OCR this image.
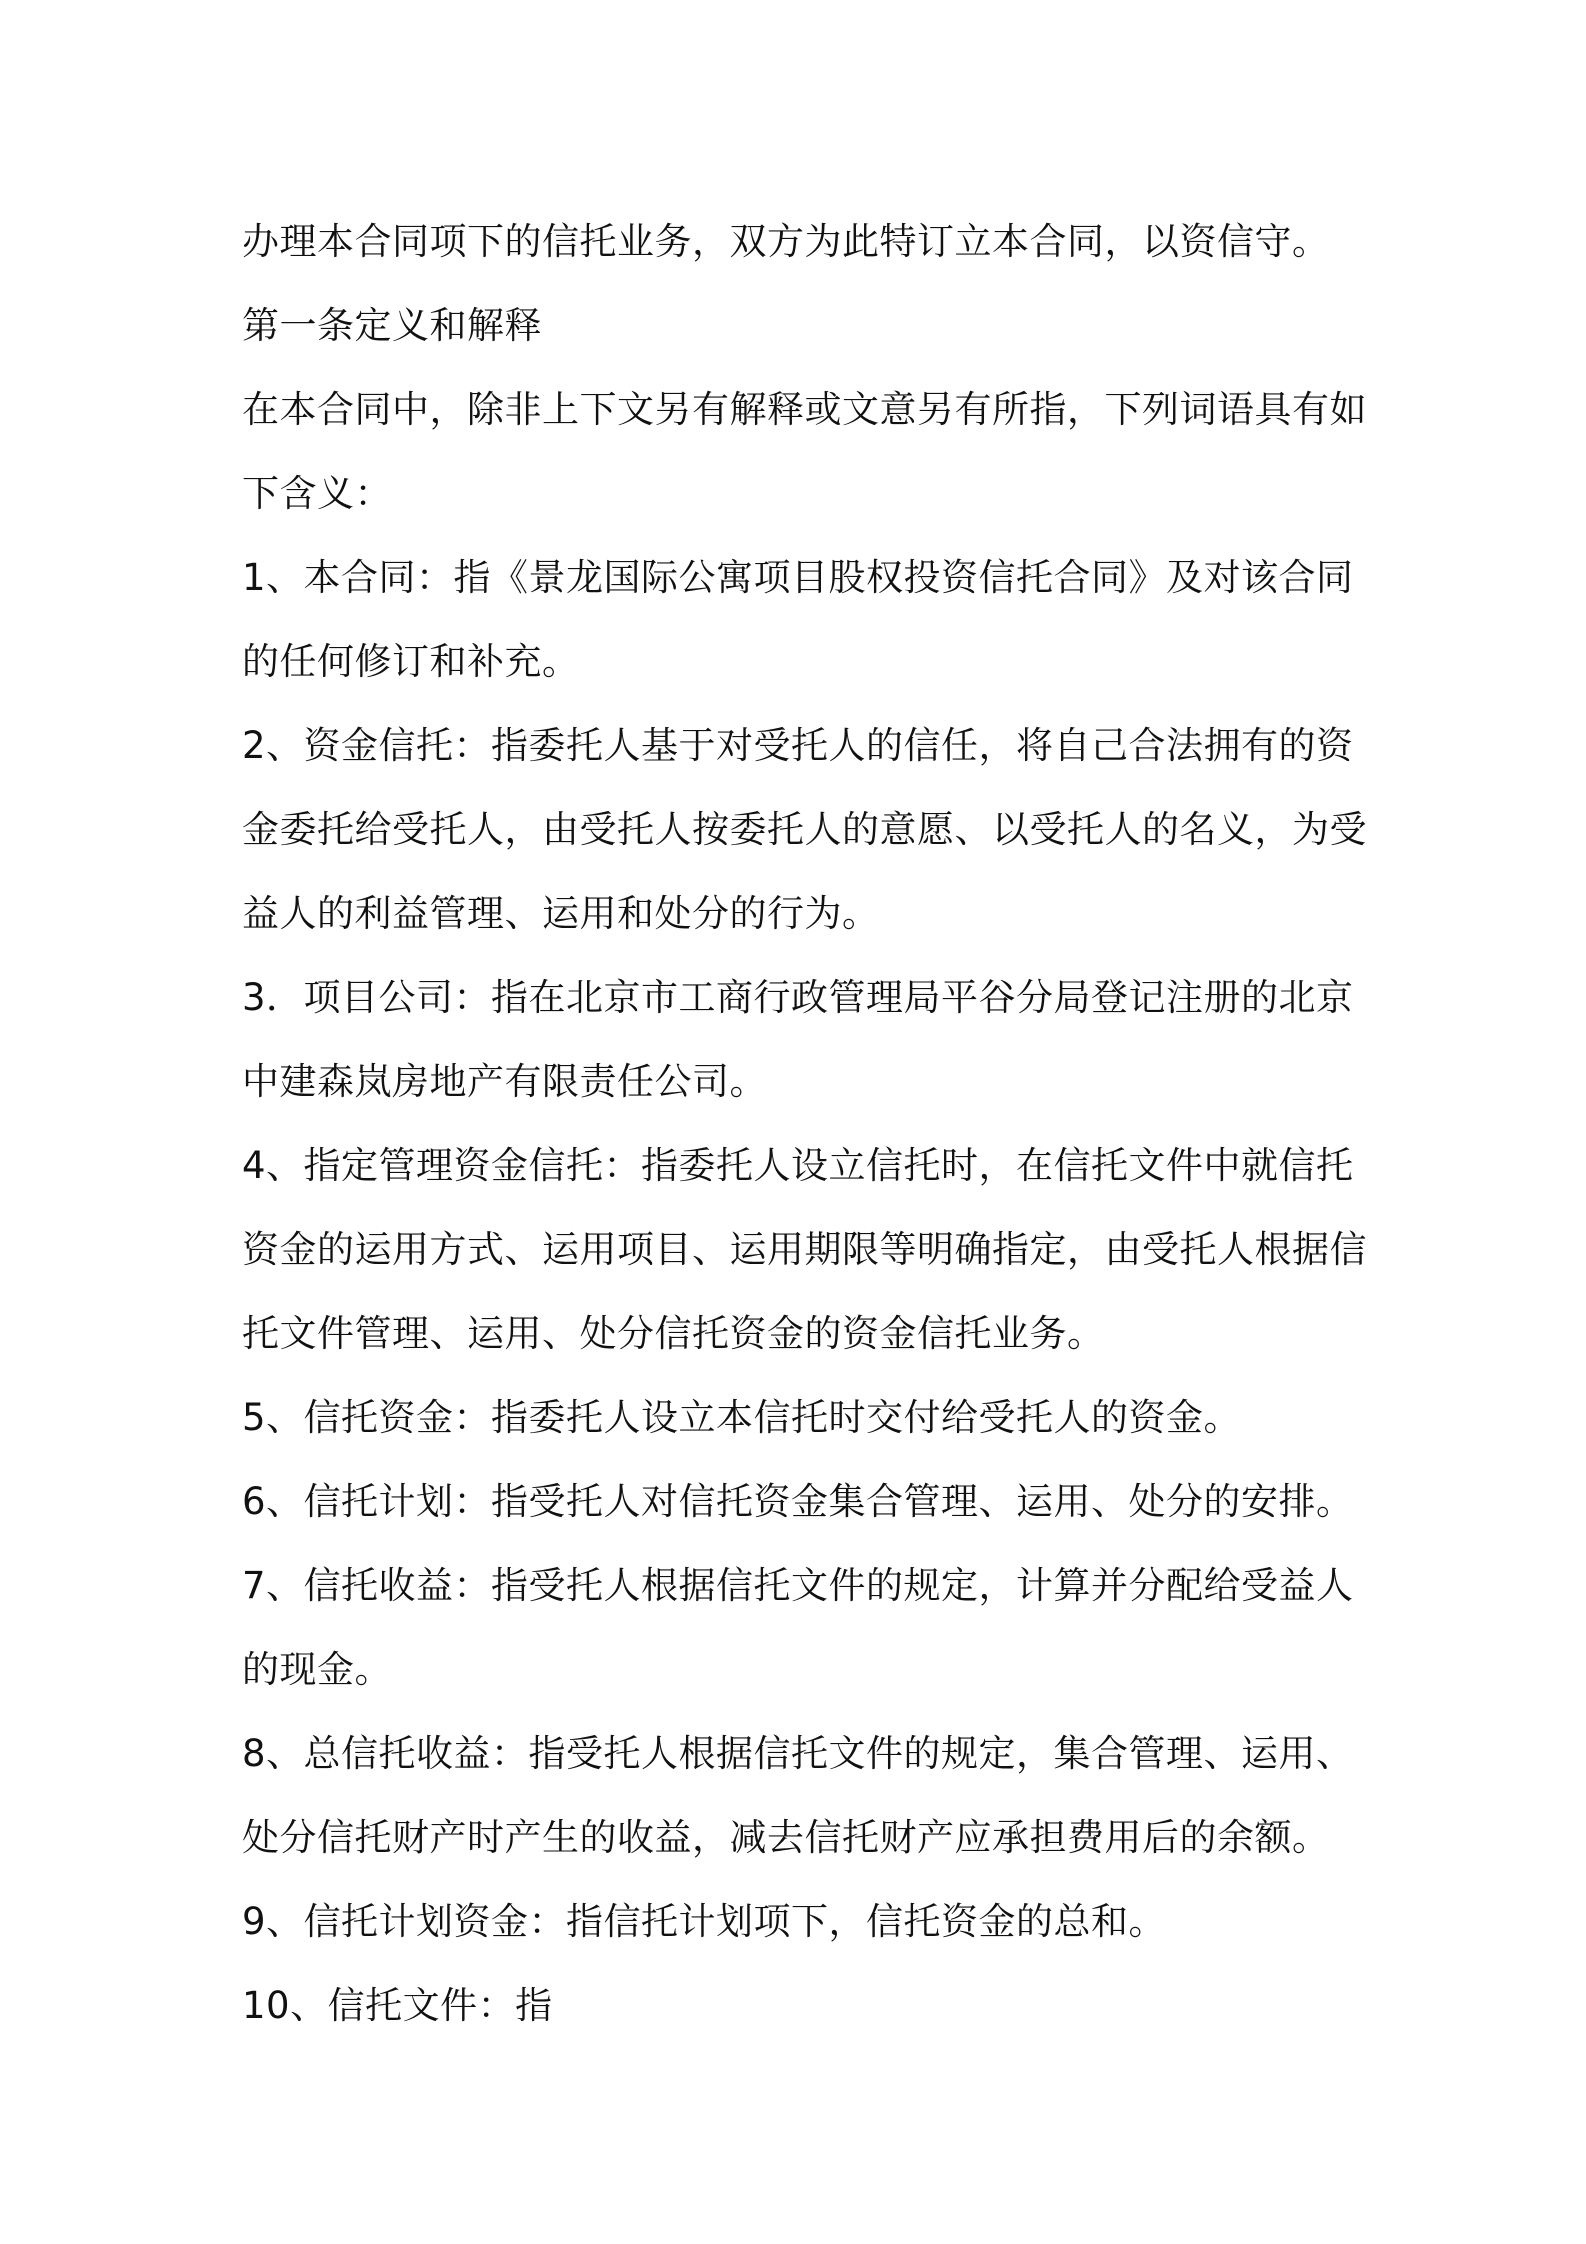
办理本合同项下的信托业务，双方为此特订立本合同，以资信守。
第一条定义和解释
在本合同中，除非上下文另有解释或文意另有所指，下列词语具有如
下含义：
1、本合同：指《景龙国际公寓项目股权投资信托合同》及对该合同
的任何修订和补充。
2、资金信托：指委托人基于对受托人的信任，将自己合法拥有的资
金委托给受托人，由受托人按委托人的意愿、以受托人的名义，为受
益人的利益管理、运用和处分的行为。
3．项目公司：指在北京市工商行政管理局平谷分局登记注册的北京
中建森岚房地产有限责任公司。
4、指定管理资金信托：指委托人设立信托时，在信托文件中就信托
资金的运用方式、运用项目、运用期限等明确指定，由受托人根据信
托文件管理、运用、处分信托资金的资金信托业务。
5、信托资金：指委托人设立本信托时交付给受托人的资金。
6、信托计划：指受托人对信托资金集合管理、运用、处分的安排。
7、信托收益：指受托人根据信托文件的规定，计算并分配给受益人
的现金。
8、总信托收益：指受托人根据信托文件的规定，集合管理、运用、
处分信托财产时产生的收益，减去信托财产应承担费用后的余额。
9、信托计划资金：指信托计划项下，信托资金的总和。
10、信托文件：指
